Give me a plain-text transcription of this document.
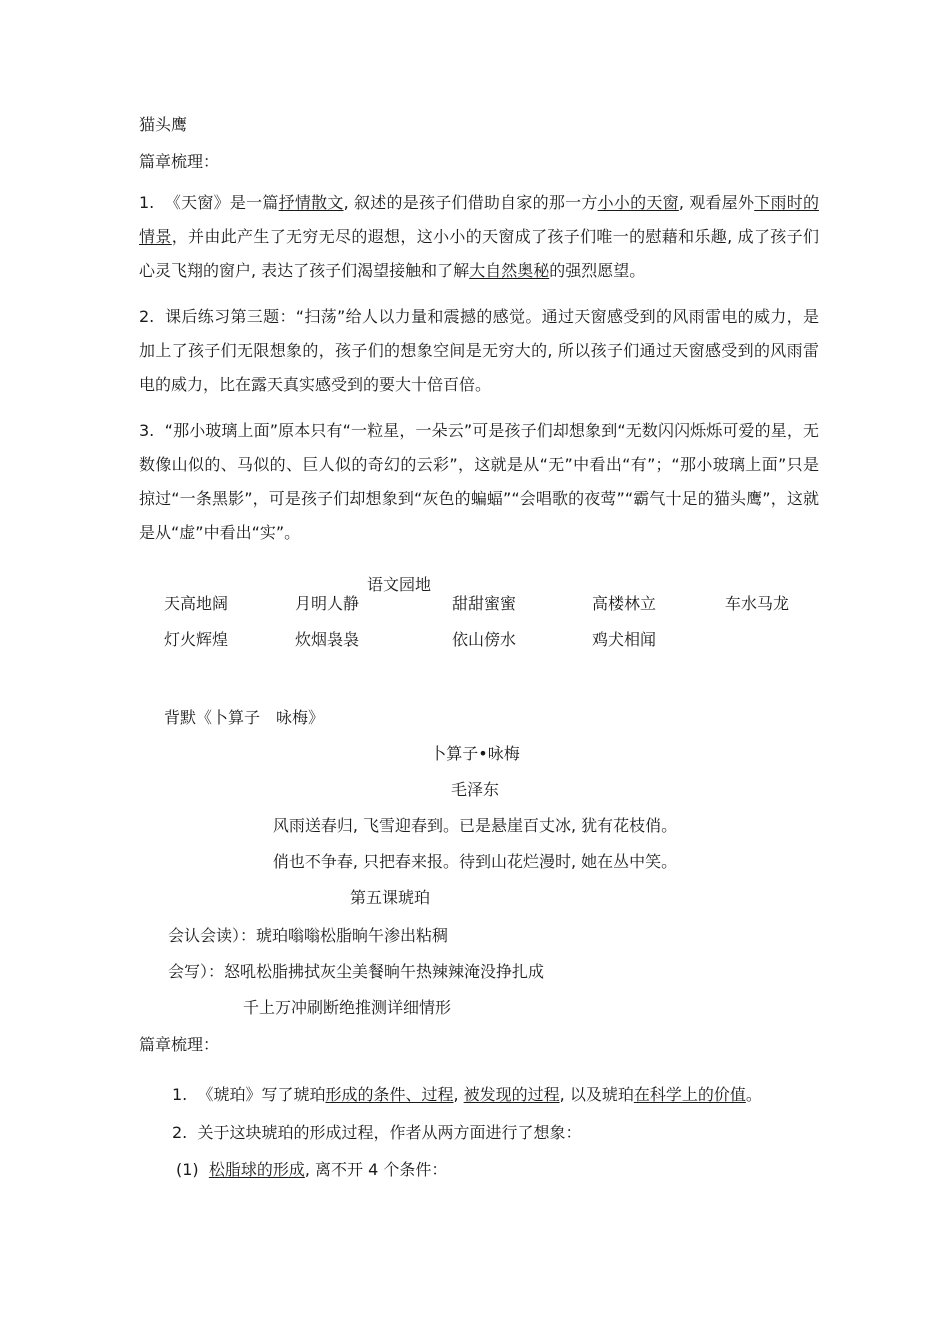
猫头鹰
篇章梳理：
1. 《天窗》是一篇抒情散文, 叙述的是孩子们借助自家的那一方小小的天窗, 观看屋外下雨时的情景，并由此产生了无穷无尽的遐想，这小小的天窗成了孩子们唯一的慰藉和乐趣, 成了孩子们心灵飞翔的窗户, 表达了孩子们渴望接触和了解大自然奥秘的强烈愿望。
2. 课后练习第三题：“扫荡”给人以力量和震撼的感觉。通过天窗感受到的风雨雷电的威力，是加上了孩子们无限想象的，孩子们的想象空间是无穷大的, 所以孩子们通过天窗感受到的风雨雷电的威力，比在露天真实感受到的要大十倍百倍。
3. “那小玻璃上面”原本只有“一粒星，一朵云”可是孩子们却想象到“无数闪闪烁烁可爱的星，无数像山似的、马似的、巨人似的奇幻的云彩”，这就是从“无”中看出“有”；“那小玻璃上面”只是掠过“一条黑影”，可是孩子们却想象到“灰色的蝙蝠”“会唱歌的夜莺”“霸气十足的猫头鹰”，这就是从“虚”中看出“实”。
语文园地
天高地阔	月明人静	甜甜蜜蜜	高楼林立	车水马龙
灯火辉煌	炊烟袅袅	依山傍水	鸡犬相闻
背默《卜算子　咏梅》
卜算子•咏梅
毛泽东
风雨送春归, 飞雪迎春到。已是悬崖百丈冰, 犹有花枝俏。
俏也不争春, 只把春来报。待到山花烂漫时, 她在丛中笑。
第五课琥珀
会认会读）：琥珀嗡嗡松脂晌午渗出粘稠
会写）：怒吼松脂拂拭灰尘美餐晌午热辣辣淹没挣扎成
千上万冲刷断绝推测详细情形
篇章梳理：
1. 《琥珀》写了琥珀形成的条件、过程, 被发现的过程, 以及琥珀在科学上的价值。
2. 关于这块琥珀的形成过程，作者从两方面进行了想象：
(1) 松脂球的形成, 离不开 4 个条件：
